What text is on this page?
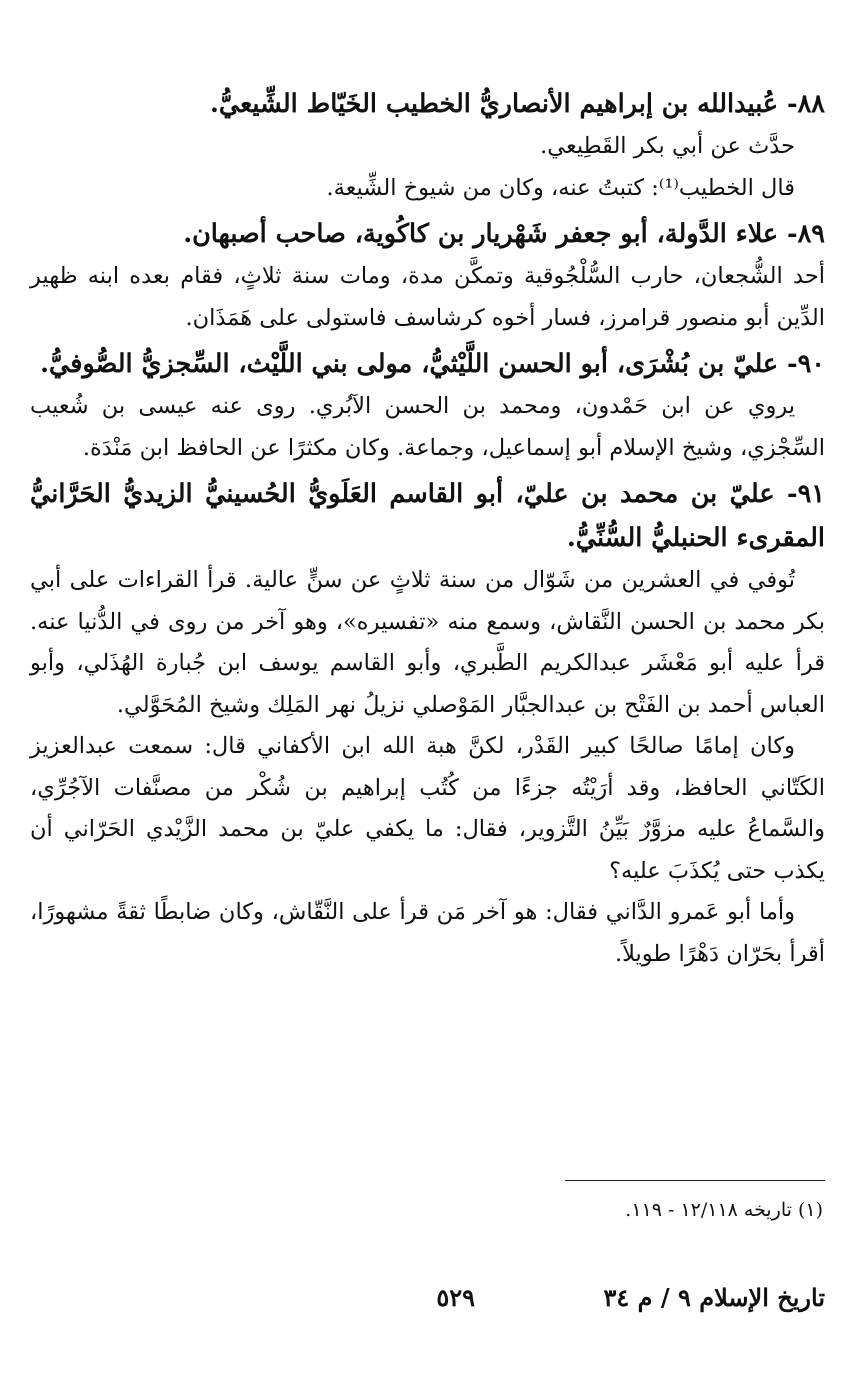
٨٨- عُبيدالله بن إبراهيم الأنصاريُّ الخطيب الخَيّاط الشِّيعيُّ.

حدَّث عن أبي بكر القَطِيعي.

قال الخطيب⁽¹⁾: كتبتُ عنه، وكان من شيوخ الشِّيعة.

٨٩- علاء الدَّولة، أبو جعفر شَهْريار بن كاكُوية، صاحب أصبهان.

أحد الشُّجعان، حارب السُّلْجُوقية وتمكَّن مدة، ومات سنة ثلاثٍ، فقام بعده ابنه ظهير الدِّين أبو منصور قرامرز، فسار أخوه كرشاسف فاستولى على هَمَذَان.

٩٠- عليّ بن بُشْرَى، أبو الحسن اللَّيْثيُّ، مولى بني اللَّيْث، السِّجزيُّ الصُّوفيُّ.

يروي عن ابن حَمْدون، ومحمد بن الحسن الآبُري. روى عنه عيسى بن شُعيب السِّجْزي، وشيخ الإسلام أبو إسماعيل، وجماعة. وكان مكثرًا عن الحافظ ابن مَنْدَة.

٩١- عليّ بن محمد بن عليّ، أبو القاسم العَلَويُّ الحُسينيُّ الزيديُّ الحَرَّانيُّ المقرىء الحنبليُّ السُّنِّيُّ.

تُوفي في العشرين من شَوّال من سنة ثلاثٍ عن سنٍّ عالية. قرأ القراءات على أبي بكر محمد بن الحسن النَّقاش، وسمع منه «تفسيره»، وهو آخر من روى في الدُّنيا عنه. قرأ عليه أبو مَعْشَر عبدالكريم الطَّبري، وأبو القاسم يوسف ابن جُبارة الهُذَلي، وأبو العباس أحمد بن الفَتْح بن عبدالجبَّار المَوْصلي نزيلُ نهر المَلِك وشيخ المُحَوَّلي.

وكان إمامًا صالحًا كبير القَدْر، لكنَّ هبة الله ابن الأكفاني قال: سمعت عبدالعزيز الكَتّاني الحافظ، وقد أرَيْتُه جزءًا من كُتُب إبراهيم بن شُكْر من مصنَّفات الآجُرِّي، والسَّماعُ عليه مزوَّرٌ بَيِّنُ التَّزوير، فقال: ما يكفي عليّ بن محمد الزَّيْدي الحَرّاني أن يكذب حتى يُكذَبَ عليه؟

وأما أبو عَمرو الدَّاني فقال: هو آخر مَن قرأ على النَّقّاش، وكان ضابطًا ثقةً مشهورًا، أقرأ بحَرّان دَهْرًا طويلاً.

(١) تاريخه ١٢/١١٨ - ١١٩.

تاريخ الإسلام ٩ / م ٣٤
٥٢٩
